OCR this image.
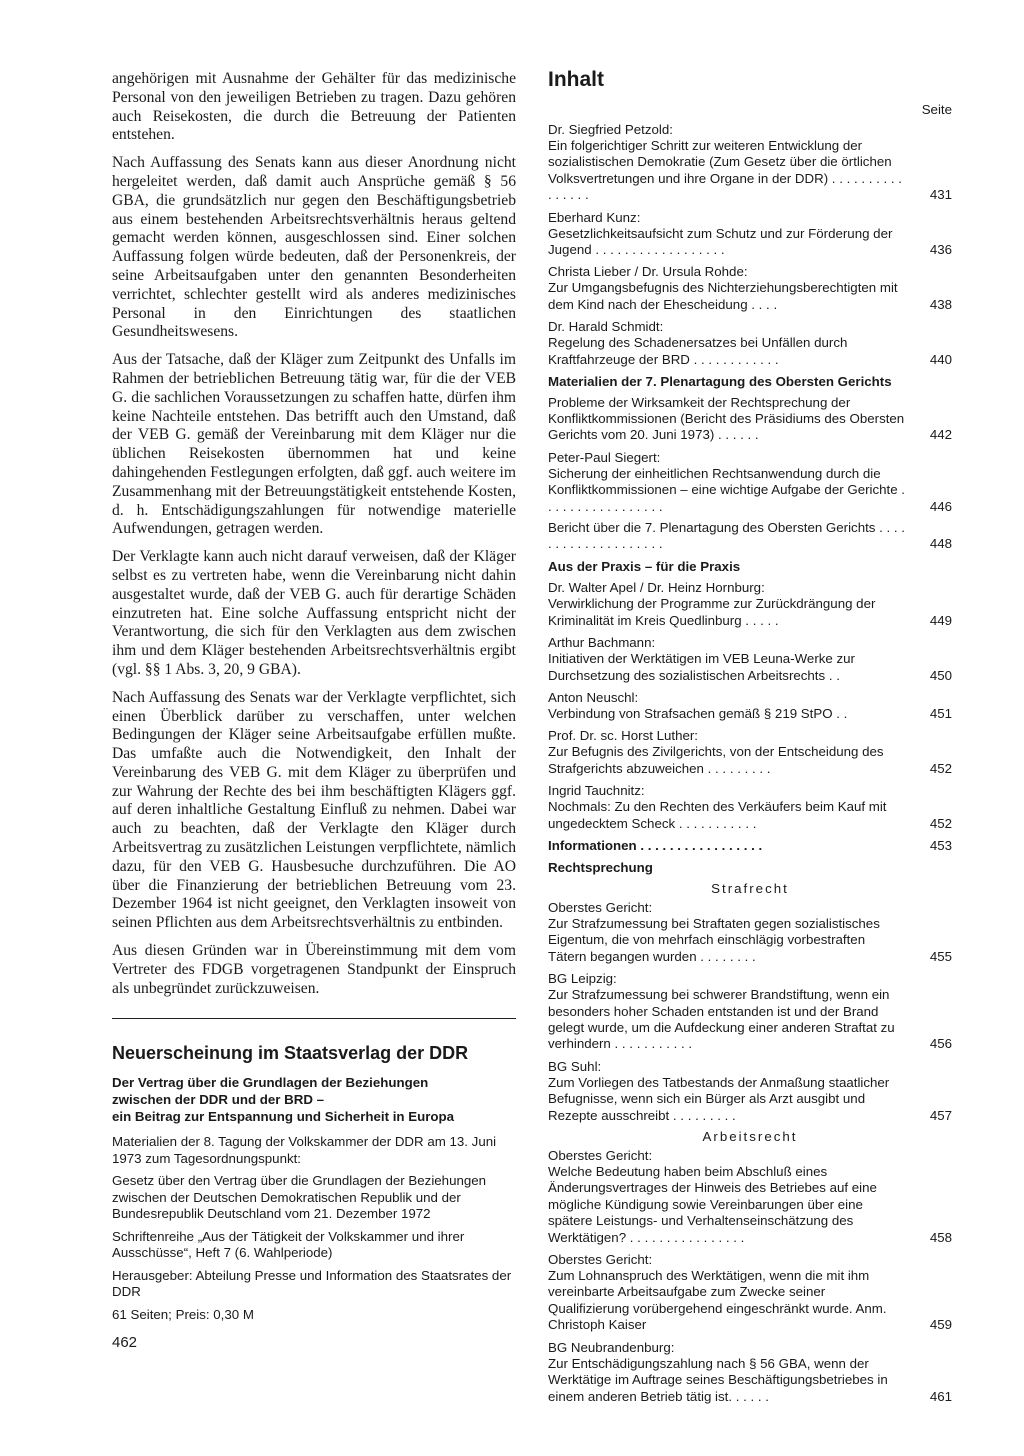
angehörigen mit Ausnahme der Gehälter für das medizinische Personal von den jeweiligen Betrieben zu tragen. Dazu gehören auch Reisekosten, die durch die Betreuung der Patienten entstehen.

Nach Auffassung des Senats kann aus dieser Anordnung nicht hergeleitet werden, daß damit auch Ansprüche gemäß § 56 GBA, die grundsätzlich nur gegen den Beschäftigungsbetrieb aus einem bestehenden Arbeitsrechtsverhältnis heraus geltend gemacht werden können, ausgeschlossen sind. Einer solchen Auffassung folgen würde bedeuten, daß der Personenkreis, der seine Arbeitsaufgaben unter den genannten Besonderheiten verrichtet, schlechter gestellt wird als anderes medizinisches Personal in den Einrichtungen des staatlichen Gesundheitswesens.

Aus der Tatsache, daß der Kläger zum Zeitpunkt des Unfalls im Rahmen der betrieblichen Betreuung tätig war, für die der VEB G. die sachlichen Voraussetzungen zu schaffen hatte, dürfen ihm keine Nachteile entstehen. Das betrifft auch den Umstand, daß der VEB G. gemäß der Vereinbarung mit dem Kläger nur die üblichen Reisekosten übernommen hat und keine dahingehenden Festlegungen erfolgten, daß ggf. auch weitere im Zusammenhang mit der Betreuungstätigkeit entstehende Kosten, d. h. Entschädigungszahlungen für notwendige materielle Aufwendungen, getragen werden.

Der Verklagte kann auch nicht darauf verweisen, daß der Kläger selbst es zu vertreten habe, wenn die Vereinbarung nicht dahin ausgestaltet wurde, daß der VEB G. auch für derartige Schäden einzutreten hat. Eine solche Auffassung entspricht nicht der Verantwortung, die sich für den Verklagten aus dem zwischen ihm und dem Kläger bestehenden Arbeitsrechtsverhältnis ergibt (vgl. §§ 1 Abs. 3, 20, 9 GBA).

Nach Auffassung des Senats war der Verklagte verpflichtet, sich einen Überblick darüber zu verschaffen, unter welchen Bedingungen der Kläger seine Arbeitsaufgabe erfüllen mußte. Das umfaßte auch die Notwendigkeit, den Inhalt der Vereinbarung des VEB G. mit dem Kläger zu überprüfen und zur Wahrung der Rechte des bei ihm beschäftigten Klägers ggf. auf deren inhaltliche Gestaltung Einfluß zu nehmen. Dabei war auch zu beachten, daß der Verklagte den Kläger durch Arbeitsvertrag zu zusätzlichen Leistungen verpflichtete, nämlich dazu, für den VEB G. Hausbesuche durchzuführen. Die AO über die Finanzierung der betrieblichen Betreuung vom 23. Dezember 1964 ist nicht geeignet, den Verklagten insoweit von seinen Pflichten aus dem Arbeitsrechtsverhältnis zu entbinden.

Aus diesen Gründen war in Übereinstimmung mit dem vom Vertreter des FDGB vorgetragenen Standpunkt der Einspruch als unbegründet zurückzuweisen.

Neuerscheinung im Staatsverlag der DDR
Der Vertrag über die Grundlagen der Beziehungen
zwischen der DDR und der BRD –
ein Beitrag zur Entspannung und Sicherheit in Europa
Materialien der 8. Tagung der Volkskammer der DDR am 13. Juni 1973 zum Tagesordnungspunkt:
Gesetz über den Vertrag über die Grundlagen der Beziehungen zwischen der Deutschen Demokratischen Republik und der Bundesrepublik Deutschland vom 21. Dezember 1972
Schriftenreihe „Aus der Tätigkeit der Volkskammer und ihrer Ausschüsse“, Heft 7 (6. Wahlperiode)
Herausgeber: Abteilung Presse und Information des Staatsrates der DDR
61 Seiten; Preis: 0,30 M
462
Inhalt
Seite
Dr. Siegfried Petzold:
Ein folgerichtiger Schritt zur weiteren Entwicklung der sozialistischen Demokratie (Zum Gesetz über die örtlichen Volksvertretungen und ihre Organe in der DDR) . . . . . . . . . . . . . . . .	431
Eberhard Kunz:
Gesetzlichkeitsaufsicht zum Schutz und zur Förderung der Jugend . . . . . . . . . . . . . . . . . .	436
Christa Lieber / Dr. Ursula Rohde:
Zur Umgangsbefugnis des Nichterziehungsberechtigten mit dem Kind nach der Ehescheidung . . . .	438
Dr. Harald Schmidt:
Regelung des Schadenersatzes bei Unfällen durch Kraftfahrzeuge der BRD . . . . . . . . . . . .	440
Materialien der 7. Plenartagung des Obersten Gerichts
Probleme der Wirksamkeit der Rechtsprechung der Konfliktkommissionen (Bericht des Präsidiums des Obersten Gerichts vom 20. Juni 1973) . . . . . .	442
Peter-Paul Siegert:
Sicherung der einheitlichen Rechtsanwendung durch die Konfliktkommissionen – eine wichtige Aufgabe der Gerichte . . . . . . . . . . . . . . . . .	446
Bericht über die 7. Plenartagung des Obersten Gerichts . . . . . . . . . . . . . . . . . . . .	448
Aus der Praxis – für die Praxis
Dr. Walter Apel / Dr. Heinz Hornburg:
Verwirklichung der Programme zur Zurückdrängung der Kriminalität im Kreis Quedlinburg . . . . .	449
Arthur Bachmann:
Initiativen der Werktätigen im VEB Leuna-Werke zur Durchsetzung des sozialistischen Arbeitsrechts . .	450
Anton Neuschl:
Verbindung von Strafsachen gemäß § 219 StPO . .	451
Prof. Dr. sc. Horst Luther:
Zur Befugnis des Zivilgerichts, von der Entscheidung des Strafgerichts abzuweichen . . . . . . . . .	452
Ingrid Tauchnitz:
Nochmals: Zu den Rechten des Verkäufers beim Kauf mit ungedecktem Scheck . . . . . . . . . . .	452
Informationen . . . . . . . . . . . . . . . . .	453
Rechtsprechung
Strafrecht
Oberstes Gericht:
Zur Strafzumessung bei Straftaten gegen sozialistisches Eigentum, die von mehrfach einschlägig vorbestraften Tätern begangen wurden . . . . . . . .	455
BG Leipzig:
Zur Strafzumessung bei schwerer Brandstiftung, wenn ein besonders hoher Schaden entstanden ist und der Brand gelegt wurde, um die Aufdeckung einer anderen Straftat zu verhindern . . . . . . . . . . .	456
BG Suhl:
Zum Vorliegen des Tatbestands der Anmaßung staatlicher Befugnisse, wenn sich ein Bürger als Arzt ausgibt und Rezepte ausschreibt . . . . . . . . .	457
Arbeitsrecht
Oberstes Gericht:
Welche Bedeutung haben beim Abschluß eines Änderungsvertrages der Hinweis des Betriebes auf eine mögliche Kündigung sowie Vereinbarungen über eine spätere Leistungs- und Verhaltenseinschätzung des Werktätigen? . . . . . . . . . . . . . . . .	458
Oberstes Gericht:
Zum Lohnanspruch des Werktätigen, wenn die mit ihm vereinbarte Arbeitsaufgabe zum Zwecke seiner Qualifizierung vorübergehend eingeschränkt wurde. Anm. Christoph Kaiser	459
BG Neubrandenburg:
Zur Entschädigungszahlung nach § 56 GBA, wenn der Werktätige im Auftrage seines Beschäftigungsbetriebes in einem anderen Betrieb tätig ist. . . . . .	461
